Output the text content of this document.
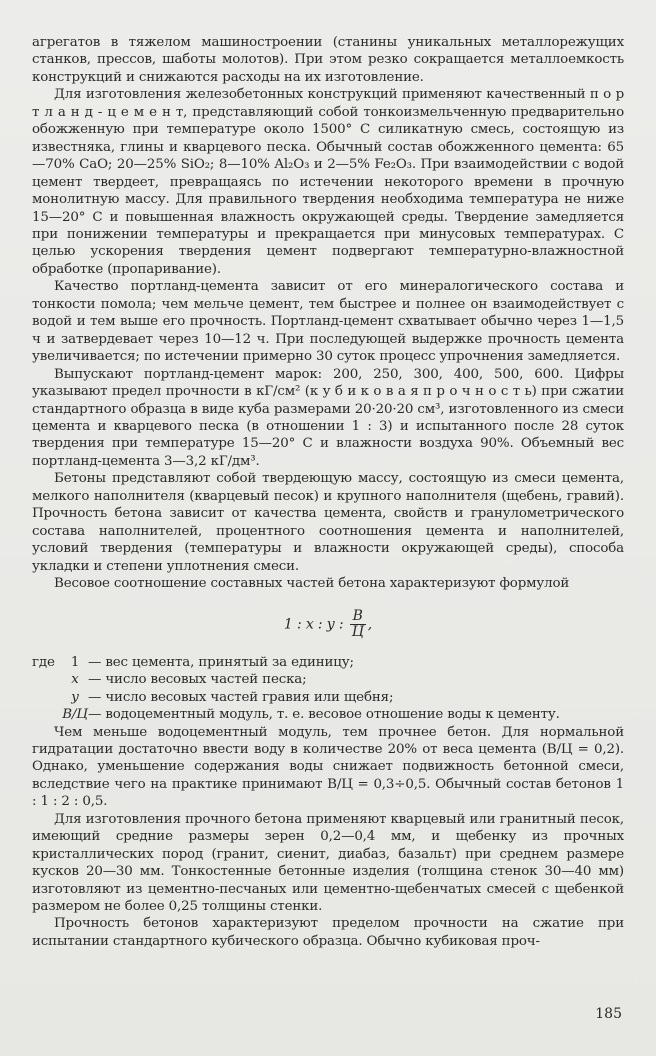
агрегатов в тяжелом машиностроении (станины уникальных металлорежущих станков, прессов, шаботы молотов). При этом резко сокращается металлоемкость конструкций и снижаются расходы на их изготовление.

Для изготовления железобетонных конструкций применяют качественный п о р т л а н д - ц е м е н т, представляющий собой тонкоизмельченную предварительно обожженную при температуре около 1500° С силикатную смесь, состоящую из известняка, глины и кварцевого песка. Обычный состав обожженного цемента: 65—70% CaO; 20—25% SiO₂; 8—10% Al₂O₃ и 2—5% Fe₂O₃. При взаимодействии с водой цемент твердеет, превращаясь по истечении некоторого времени в прочную монолитную массу. Для правильного твердения необходима температура не ниже 15—20° С и повышенная влажность окружающей среды. Твердение замедляется при понижении температуры и прекращается при минусовых температурах. С целью ускорения твердения цемент подвергают температурно-влажностной обработке (пропаривание).

Качество портланд-цемента зависит от его минералогического состава и тонкости помола; чем мельче цемент, тем быстрее и полнее он взаимодействует с водой и тем выше его прочность. Портланд-цемент схватывает обычно через 1—1,5 ч и затвердевает через 10—12 ч. При последующей выдержке прочность цемента увеличивается; по истечении примерно 30 суток процесс упрочнения замедляется.

Выпускают портланд-цемент марок: 200, 250, 300, 400, 500, 600. Цифры указывают предел прочности в кГ/см² (к у б и к о в а я п р о ч н о с т ь) при сжатии стандартного образца в виде куба размерами 20·20·20 см³, изготовленного из смеси цемента и кварцевого песка (в отношении 1 : 3) и испытанного после 28 суток твердения при температуре 15—20° С и влажности воздуха 90%. Объемный вес портланд-цемента 3—3,2 кГ/дм³.

Бетоны представляют собой твердеющую массу, состоящую из смеси цемента, мелкого наполнителя (кварцевый песок) и крупного наполнителя (щебень, гравий). Прочность бетона зависит от качества цемента, свойств и гранулометрического состава наполнителей, процентного соотношения цемента и наполнителей, условий твердения (температуры и влажности окружающей среды), способа укладки и степени уплотнения смеси.

Весовое соотношение составных частей бетона характеризуют формулой

1 : x : y : $\frac{В}{Ц}$ ,
где	1 — вес цемента, принятый за единицу;
x — число весовых частей песка;
y — число весовых частей гравия или щебня;
В/Ц — водоцементный модуль, т. е. весовое отношение воды к цементу.

Чем меньше водоцементный модуль, тем прочнее бетон. Для нормальной гидратации достаточно ввести воду в количестве 20% от веса цемента (В/Ц = 0,2). Однако, уменьшение содержания воды снижает подвижность бетонной смеси, вследствие чего на практике принимают В/Ц = 0,3÷0,5. Обычный состав бетонов 1 : 1 : 2 : 0,5.

Для изготовления прочного бетона применяют кварцевый или гранитный песок, имеющий средние размеры зерен 0,2—0,4 мм, и щебенку из прочных кристаллических пород (гранит, сиенит, диабаз, базальт) при среднем размере кусков 20—30 мм. Тонкостенные бетонные изделия (толщина стенок 30—40 мм) изготовляют из цементно-песчаных или цементно-щебенчатых смесей с щебенкой размером не более 0,25 толщины стенки.

Прочность бетонов характеризуют пределом прочности на сжатие при испытании стандартного кубического образца. Обычно кубиковая проч-

185
